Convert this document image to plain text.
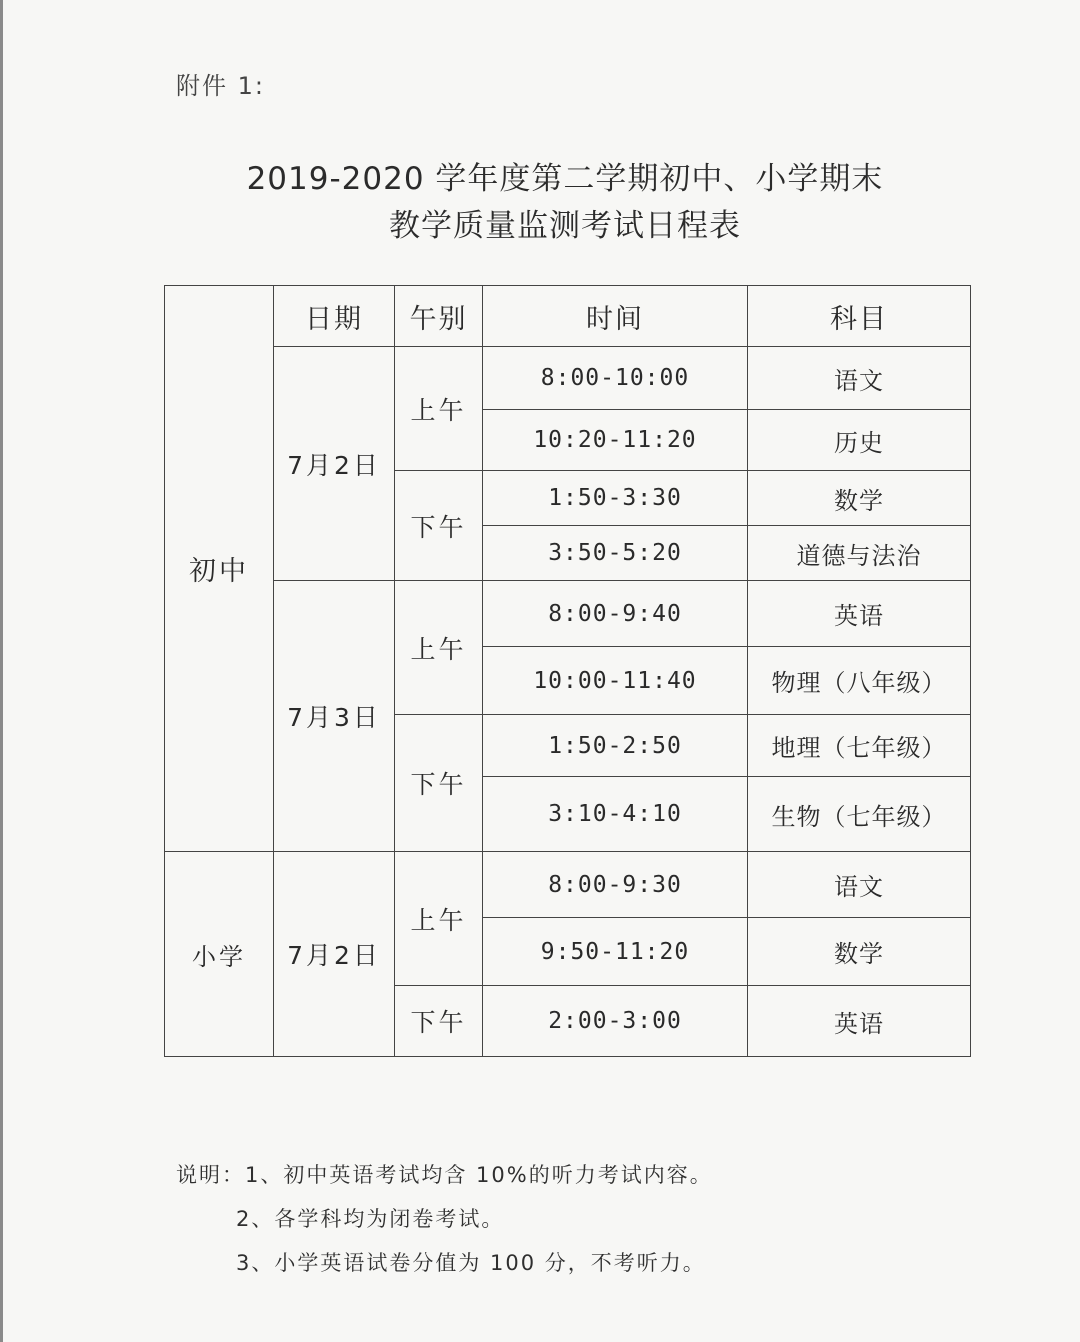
附件 1:
2019-2020 学年度第二学期初中、小学期末
教学质量监测考试日程表
初中	日期	午别	时间	科目
	7月2日	上午	8:00-10:00	语文
			10:20-11:20	历史
		下午	1:50-3:30	数学
			3:50-5:20	道德与法治
	7月3日	上午	8:00-9:40	英语
			10:00-11:40	物理（八年级）
		下午	1:50-2:50	地理（七年级）
			3:10-4:10	生物（七年级）
小学	7月2日	上午	8:00-9:30	语文
			9:50-11:20	数学
		下午	2:00-3:00	英语
说明：1、初中英语考试均含 10%的听力考试内容。
2、各学科均为闭卷考试。
3、小学英语试卷分值为 100 分，不考听力。
